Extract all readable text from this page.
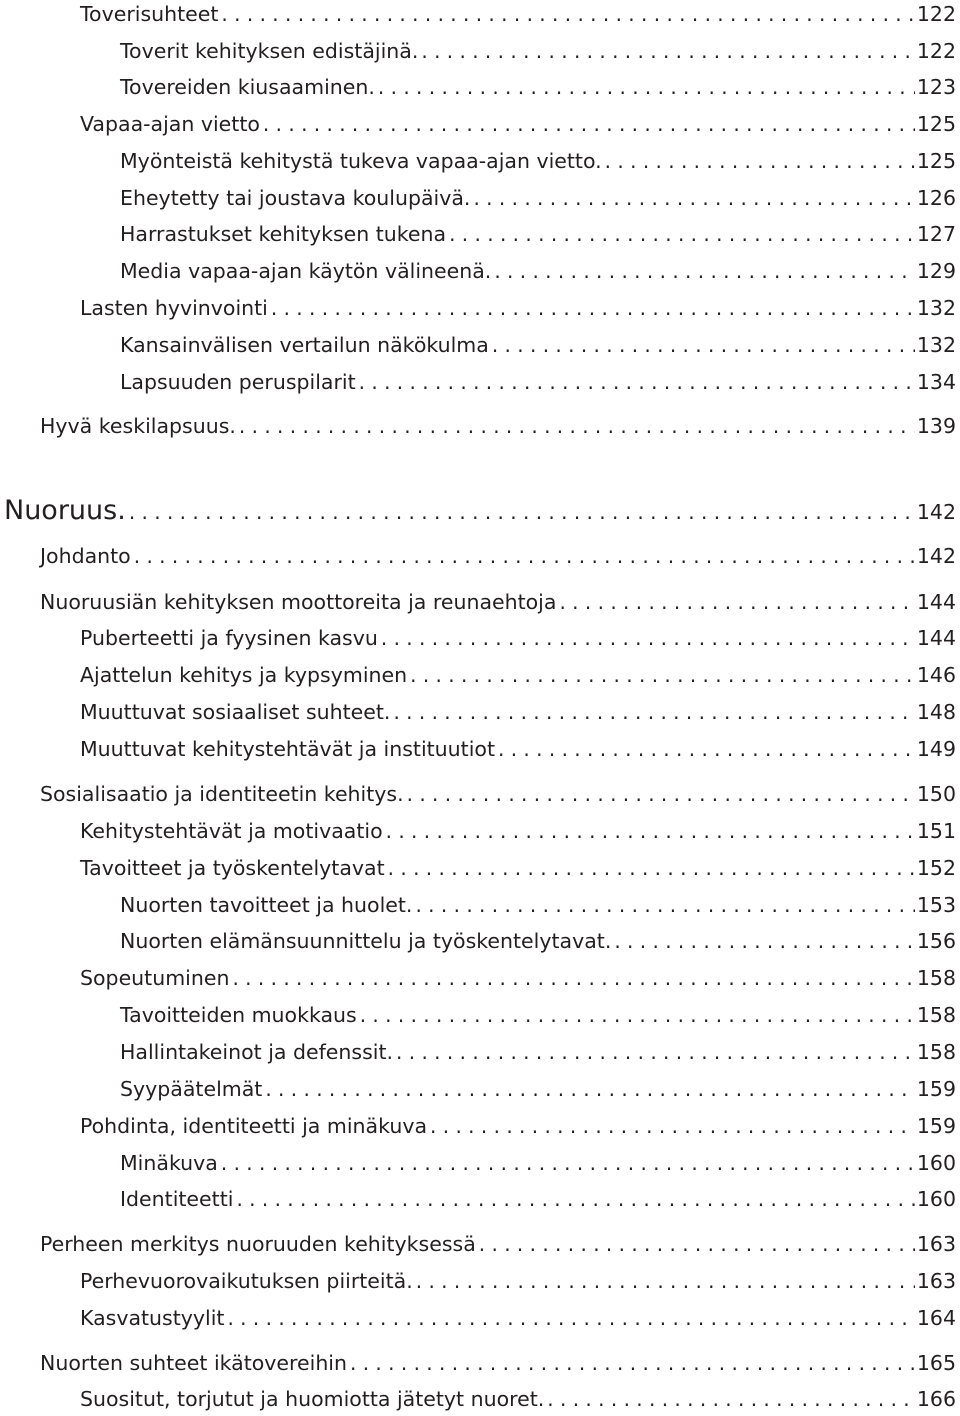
Toverisuhteet . . .	122
Toverit kehityksen edistäjinä. . . .	122
Tovereiden kiusaaminen. . . .	123
Vapaa-ajan vietto . . .	125
Myönteistä kehitystä tukeva vapaa-ajan vietto. . . .	125
Eheytetty tai joustava koulupäivä. . . .	126
Harrastukset kehityksen tukena . . .	127
Media vapaa-ajan käytön välineenä. . . .	129
Lasten hyvinvointi . . .	132
Kansainvälisen vertailun näkökulma . . .	132
Lapsuuden peruspilarit . . .	134
Hyvä keskilapsuus. . . .	139
Nuoruus. . . .	142
Johdanto . . .	142
Nuoruusiän kehityksen moottoreita ja reunaehtoja . . .	144
Puberteetti ja fyysinen kasvu . . .	144
Ajattelun kehitys ja kypsyminen . . .	146
Muuttuvat sosiaaliset suhteet. . . .	148
Muuttuvat kehitystehtävät ja instituutiot . . .	149
Sosialisaatio ja identiteetin kehitys. . . .	150
Kehitystehtävät ja motivaatio . . .	151
Tavoitteet ja työskentelytavat . . .	152
Nuorten tavoitteet ja huolet. . . .	153
Nuorten elämänsuunnittelu ja työskentelytavat. . . .	156
Sopeutuminen . . .	158
Tavoitteiden muokkaus . . .	158
Hallintakeinot ja defenssit. . . .	158
Syypäätelmät . . .	159
Pohdinta, identiteetti ja minäkuva . . .	159
Minäkuva . . .	160
Identiteetti . . .	160
Perheen merkitys nuoruuden kehityksessä . . .	163
Perhevuorovaikutuksen piirteitä. . . .	163
Kasvatustyylit . . .	164
Nuorten suhteet ikätovereihin . . .	165
Suositut, torjutut ja huomiotta jätetyt nuoret. . . .	166
